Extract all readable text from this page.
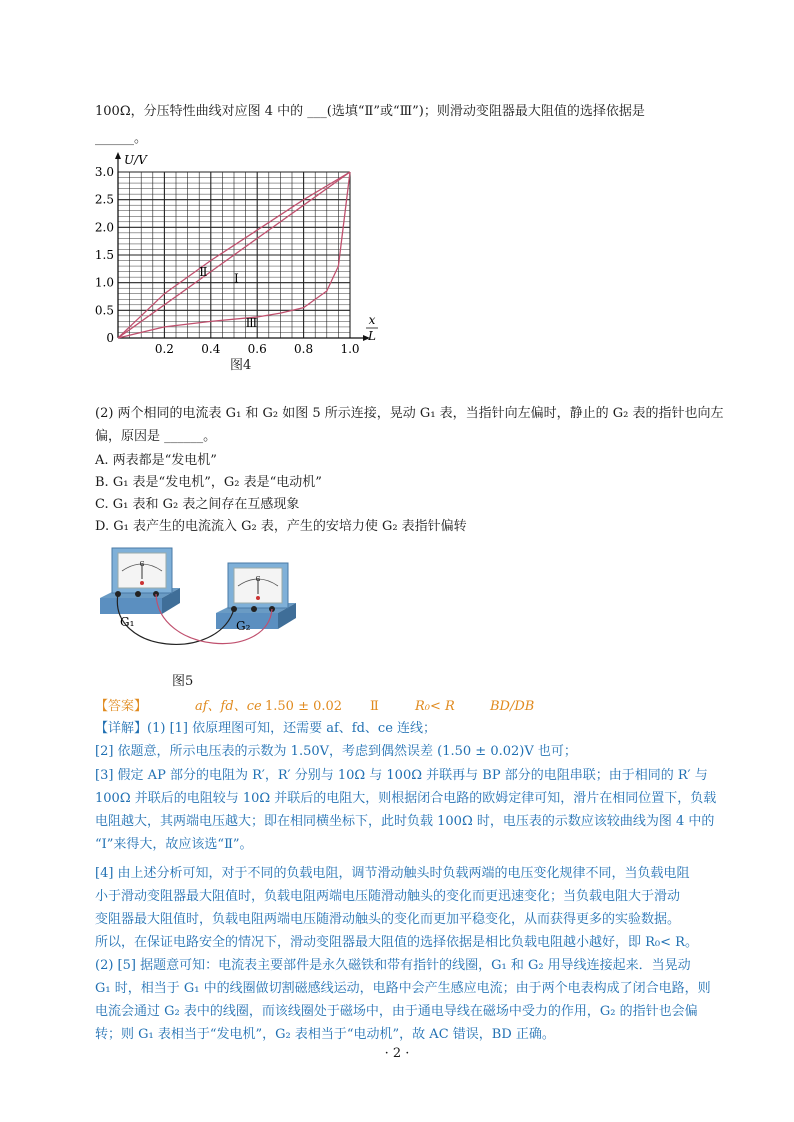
100Ω，分压特性曲线对应图 4 中的 ___(选填“Ⅱ”或“Ⅲ”)；则滑动变阻器最大阻值的选择依据是
______。
0
0.5
1.0
1.5
2.0
2.5
3.0
0.2 0.4 0.6 0.8 1.0
U/V
x
L
Ⅰ
Ⅱ
Ⅲ
图4
(2) 两个相同的电流表 G₁ 和 G₂ 如图 5 所示连接，晃动 G₁ 表，当指针向左偏时，静止的 G₂ 表的指针也向左
偏，原因是 ______。
A. 两表都是“发电机”
B. G₁ 表是“发电机”，G₂ 表是“电动机”
C. G₁ 表和 G₂ 表之间存在互感现象
D. G₁ 表产生的电流流入 G₂ 表，产生的安培力使 G₂ 表指针偏转
G
G
G₁	G₂
图5
【答案】	af、fd、ce 1.50 ± 0.02 Ⅱ	R₀< R	BD/DB
【详解】(1) [1] 依原理图可知，还需要 af、fd、ce 连线；
[2] 依题意，所示电压表的示数为 1.50V，考虑到偶然误差 (1.50 ± 0.02)V 也可；
[3] 假定 AP 部分的电阻为 R′，R′ 分别与 10Ω 与 100Ω 并联再与 BP 部分的电阻串联；由于相同的 R′ 与
100Ω 并联后的电阻较与 10Ω 并联后的电阻大，则根据闭合电路的欧姆定律可知，滑片在相同位置下，负载
电阻越大，其两端电压越大；即在相同横坐标下，此时负载 100Ω 时，电压表的示数应该较曲线为图 4 中的
“Ⅰ”来得大，故应该选“Ⅱ”。
[4] 由上述分析可知，对于不同的负载电阻，调节滑动触头时负载两端的电压变化规律不同，当负载电阻
小于滑动变阻器最大阻值时，负载电阻两端电压随滑动触头的变化而更迅速变化；当负载电阻大于滑动
变阻器最大阻值时，负载电阻两端电压随滑动触头的变化而更加平稳变化，从而获得更多的实验数据。
所以，在保证电路安全的情况下，滑动变阻器最大阻值的选择依据是相比负载电阻越小越好，即 R₀< R。
(2) [5] 据题意可知：电流表主要部件是永久磁铁和带有指针的线圈，G₁ 和 G₂ 用导线连接起来．当晃动
G₁ 时，相当于 G₁ 中的线圈做切割磁感线运动，电路中会产生感应电流；由于两个电表构成了闭合电路，则
电流会通过 G₂ 表中的线圈，而该线圈处于磁场中，由于通电导线在磁场中受力的作用，G₂ 的指针也会偏
转；则 G₁ 表相当于“发电机”，G₂ 表相当于“电动机”，故 AC 错误，BD 正确。
· 2 ·
